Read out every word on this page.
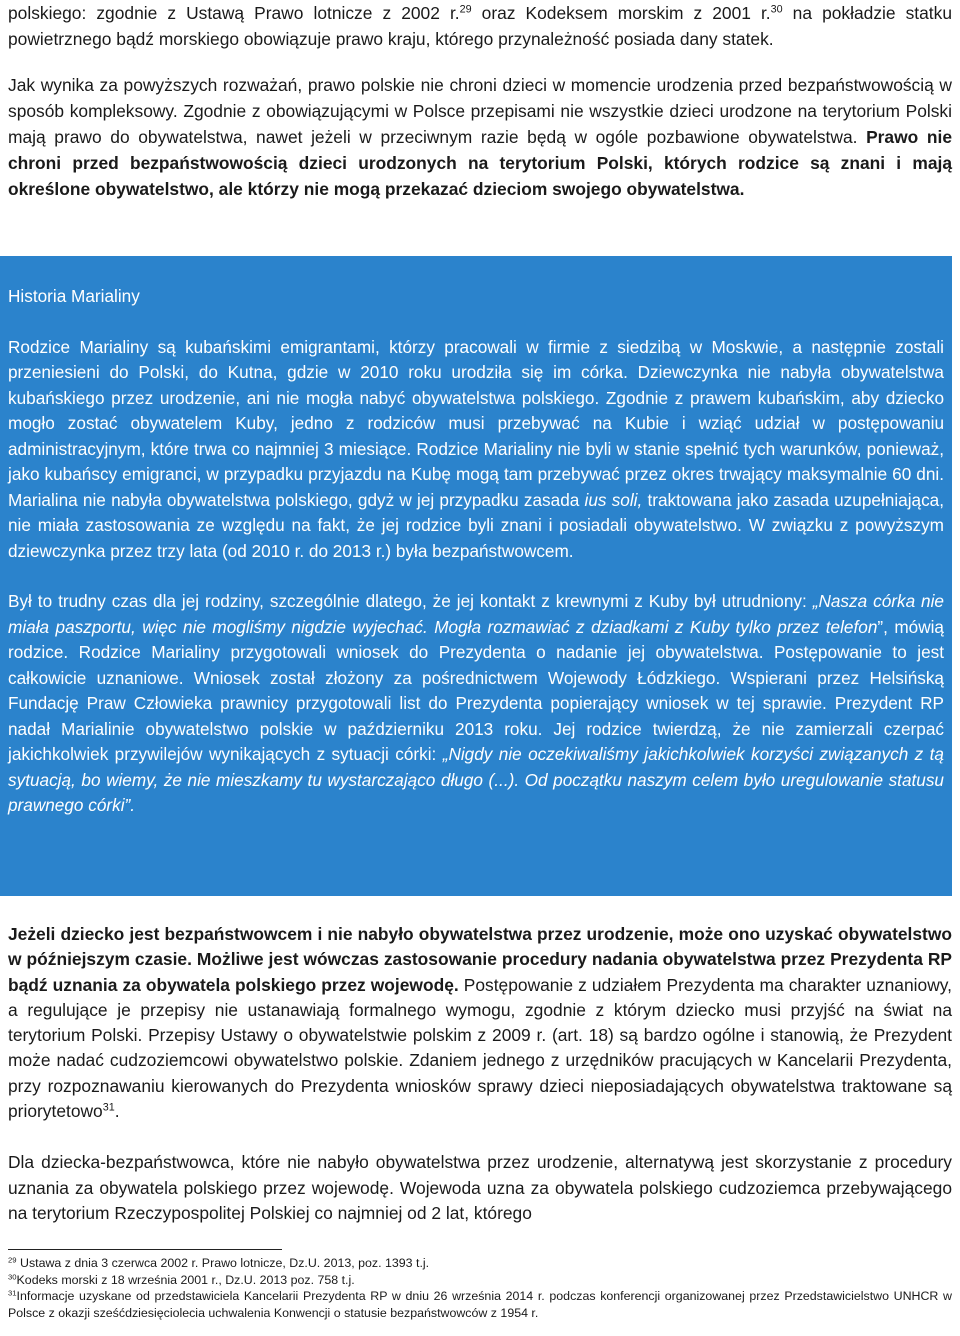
polskiego: zgodnie z Ustawą Prawo lotnicze z 2002 r.$^{29}$ oraz Kodeksem morskim z 2001 r.$^{30}$ na pokładzie statku powietrznego bądź morskiego obowiązuje prawo kraju, którego przynależność posiada dany statek.

Jak wynika za powyższych rozważań, prawo polskie nie chroni dzieci w momencie urodzenia przed bezpaństwowością w sposób kompleksowy. Zgodnie z obowiązującymi w Polsce przepisami nie wszystkie dzieci urodzone na terytorium Polski mają prawo do obywatelstwa, nawet jeżeli w przeciwnym razie będą w ogóle pozbawione obywatelstwa. Prawo nie chroni przed bezpaństwowością dzieci urodzonych na terytorium Polski, których rodzice są znani i mają określone obywatelstwo, ale którzy nie mogą przekazać dzieciom swojego obywatelstwa.

Historia Marialiny

Rodzice Marialiny są kubańskimi emigrantami, którzy pracowali w firmie z siedzibą w Moskwie, a następnie zostali przeniesieni do Polski, do Kutna, gdzie w 2010 roku urodziła się im córka. Dziewczynka nie nabyła obywatelstwa kubańskiego przez urodzenie, ani nie mogła nabyć obywatelstwa polskiego. Zgodnie z prawem kubańskim, aby dziecko mogło zostać obywatelem Kuby, jedno z rodziców musi przebywać na Kubie i wziąć udział w postępowaniu administracyjnym, które trwa co najmniej 3 miesiące. Rodzice Marialiny nie byli w stanie spełnić tych warunków, ponieważ, jako kubańscy emigranci, w przypadku przyjazdu na Kubę mogą tam przebywać przez okres trwający maksymalnie 60 dni. Marialina nie nabyła obywatelstwa polskiego, gdyż w jej przypadku zasada ius soli, traktowana jako zasada uzupełniająca, nie miała zastosowania ze względu na fakt, że jej rodzice byli znani i posiadali obywatelstwo. W związku z powyższym dziewczynka przez trzy lata (od 2010 r. do 2013 r.) była bezpaństwowcem.

Był to trudny czas dla jej rodziny, szczególnie dlatego, że jej kontakt z krewnymi z Kuby był utrudniony: „Nasza córka nie miała paszportu, więc nie mogliśmy nigdzie wyjechać. Mogła rozmawiać z dziadkami z Kuby tylko przez telefon”, mówią rodzice. Rodzice Marialiny przygotowali wniosek do Prezydenta o nadanie jej obywatelstwa. Postępowanie to jest całkowicie uznaniowe. Wniosek został złożony za pośrednictwem Wojewody Łódzkiego. Wspierani przez Helsińską Fundację Praw Człowieka prawnicy przygotowali list do Prezydenta popierający wniosek w tej sprawie. Prezydent RP nadał Marialinie obywatelstwo polskie w październiku 2013 roku. Jej rodzice twierdzą, że nie zamierzali czerpać jakichkolwiek przywilejów wynikających z sytuacji córki: „Nigdy nie oczekiwaliśmy jakichkolwiek korzyści związanych z tą sytuacją, bo wiemy, że nie mieszkamy tu wystarczająco długo (...). Od początku naszym celem było uregulowanie statusu prawnego córki”.

Jeżeli dziecko jest bezpaństwowcem i nie nabyło obywatelstwa przez urodzenie, może ono uzyskać obywatelstwo w późniejszym czasie. Możliwe jest wówczas zastosowanie procedury nadania obywatelstwa przez Prezydenta RP bądź uznania za obywatela polskiego przez wojewodę. Postępowanie z udziałem Prezydenta ma charakter uznaniowy, a regulujące je przepisy nie ustanawiają formalnego wymogu, zgodnie z którym dziecko musi przyjść na świat na terytorium Polski. Przepisy Ustawy o obywatelstwie polskim z 2009 r. (art. 18) są bardzo ogólne i stanowią, że Prezydent może nadać cudzoziemcowi obywatelstwo polskie. Zdaniem jednego z urzędników pracujących w Kancelarii Prezydenta, przy rozpoznawaniu kierowanych do Prezydenta wniosków sprawy dzieci nieposiadających obywatelstwa traktowane są priorytetowo$^{31}$.

Dla dziecka-bezpaństwowca, które nie nabyło obywatelstwa przez urodzenie, alternatywą jest skorzystanie z procedury uznania za obywatela polskiego przez wojewodę. Wojewoda uzna za obywatela polskiego cudzoziemca przebywającego na terytorium Rzeczypospolitej Polskiej co najmniej od 2 lat, którego

$^{29}$ Ustawa z dnia 3 czerwca 2002 r. Prawo lotnicze, Dz.U. 2013, poz. 1393 t.j.

$^{30}$Kodeks morski z 18 września 2001 r., Dz.U. 2013 poz. 758 t.j.

$^{31}$Informacje uzyskane od przedstawiciela Kancelarii Prezydenta RP w dniu 26 września 2014 r. podczas konferencji organizowanej przez Przedstawicielstwo UNHCR w Polsce z okazji sześćdziesięciolecia uchwalenia Konwencji o statusie bezpaństwowców z 1954 r.
